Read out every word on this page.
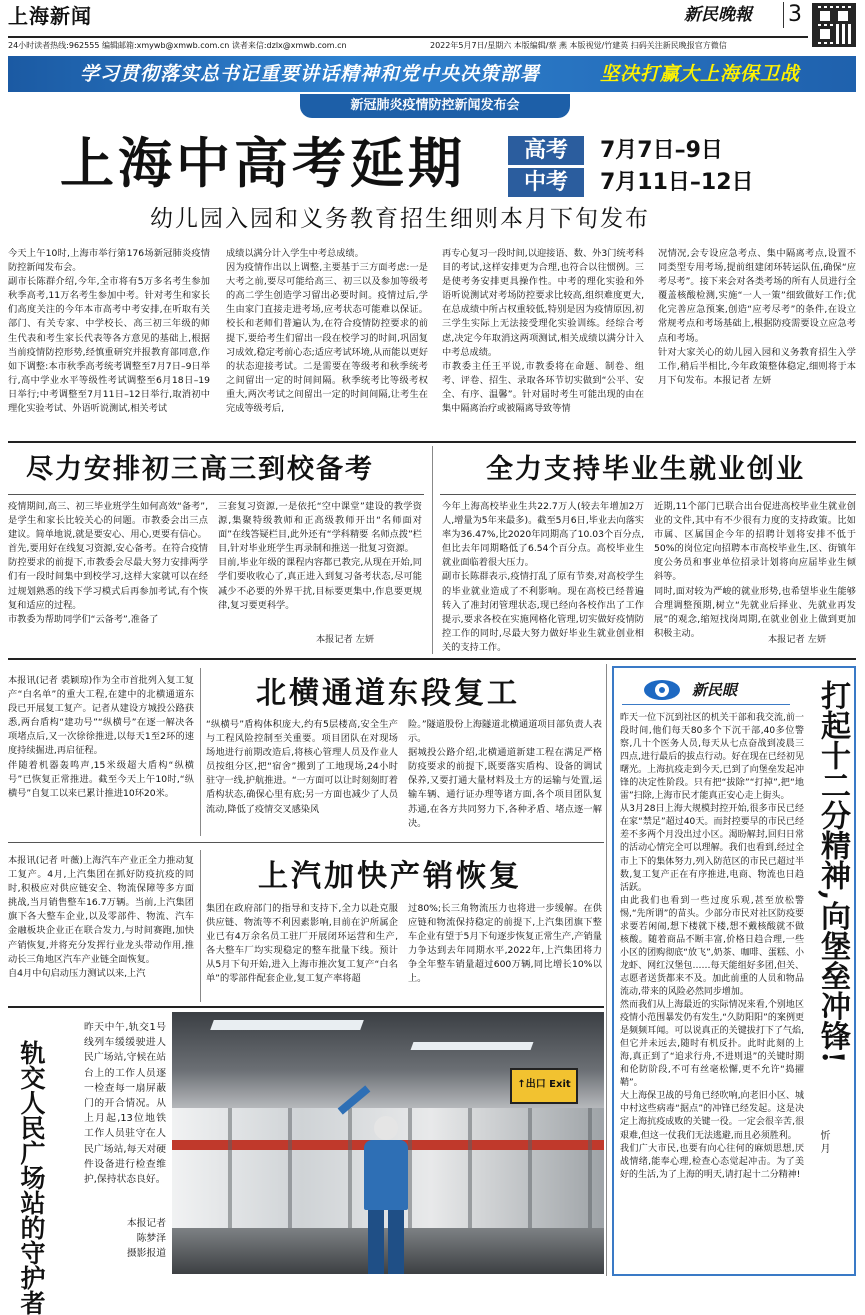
上海新闻	新民晚報 3
24小时读者热线:962555 编辑邮箱:xmywb@xmwb.com.cn 读者来信:dzlx@xmwb.com.cn	2022年5月7日/星期六 本版编辑/蔡 燕 本版视觉/竹建英 扫码关注新民晚报官方微信
学习贯彻落实总书记重要讲话精神和党中央决策部署	坚决打赢大上海保卫战
新冠肺炎疫情防控新闻发布会
上海中高考延期	高考	7月7日–9日
中考	7月11日–12日
幼儿园入园和义务教育招生细则本月下旬发布
今天上午10时,上海市举行第176场新冠肺炎疫情防控新闻发布会。
副市长陈群介绍,今年,全市将有5万多名考生参加秋季高考,11万名考生参加中考。针对考生和家长们高度关注的今年本市高考中考安排,在听取有关部门、有关专家、中学校长、高三初三年级的师生代表和考生家长代表等各方意见的基础上,根据当前疫情防控形势,经慎重研究并报教育部同意,作如下调整:本市秋季高考统考调整至7月7日–9日举行,高中学业水平等级性考试调整至6月18日–19日举行;中考调整至7月11日–12日举行,取消初中理化实验考试、外语听说测试,相关考试
成绩以满分计入学生中考总成绩。
因为疫情作出以上调整,主要基于三方面考虑:一是大考之前,要尽可能给高三、初三以及参加等级考的高二学生创造学习留出必要时间。疫情过后,学生由家门直接走进考场,应考状态可能难以保证。校长和老师们普遍认为,在符合疫情防控要求的前提下,要给考生们留出一段在校学习的时间,巩固复习成效,稳定考前心态;适应考试环境,从而能以更好的状态迎接考试。二是需要在等级考和秋季统考之间留出一定的时间间隔。秋季统考比等级考权重大,两次考试之间留出一定的时间间隔,让考生在完成等级考后,
再专心复习一段时间,以迎接语、数、外3门统考科目的考试,这样安排更为合理,也符合以往惯例。三是使考务安排更具操作性。中考的理化实验和外语听说测试对考场防控要求比较高,组织难度更大,在总成绩中所占权重较低,特别是因为疫情原因,初三学生实际上无法接受理化实验训练。经综合考虑,决定今年取消这两项测试,相关成绩以满分计入中考总成绩。
市教委主任王平说,市教委将在命题、制卷、组考、评卷、招生、录取各环节切实做到“公平、安全、有序、温馨”。针对届时考生可能出现的由在集中隔离治疗或被隔离导致等情
况情况,会专设应急考点、集中隔离考点,设置不同类型专用考场,提前组建闭环转运队伍,确保“应考尽考”。接下来会对各类考场的所有人员进行全覆盖核酸检测,实施“一人一策”细致做好工作;优化完善应急预案,创造“应考尽考”的条件,在设立常规考点和考场基础上,根据防疫需要设立应急考点和考场。
针对大家关心的幼儿园入园和义务教育招生入学工作,稍后半相比,今年政策整体稳定,细则将于本月下旬发布。本报记者 左妍
尽力安排初三高三到校备考
疫情期间,高三、初三毕业班学生如何高效“备考”,是学生和家长比较关心的问题。市教委会出三点建议。简单地说,就是要安心、用心,更要有信心。
首先,要用好在线复习资源,安心备考。在符合疫情防控要求的前提下,市教委会尽最大努力安排两学们有一段时间集中到校学习,这样大家就可以在经过规划熟悉的线下学习模式后再参加考试,有个恢复和适应的过程。
市教委为帮助同学们“云备考”,准备了
三套复习资源,一是依托“空中课堂”建设的教学资源,集聚特级教师和正高级教师开出“名师面对面”在线答疑栏目,此外还有“学科精要 名师点拨”栏目,针对毕业班学生再录制和推送一批复习资源。
目前,毕业年级的课程内容都已教完,从现在开始,同学们要收收心了,真正进入到复习备考状态,尽可能减少不必要的外界干扰,目标要更集中,作息要更规律,复习要更科学。
本报记者 左妍
全力支持毕业生就业创业
今年上海高校毕业生共22.7万人(较去年增加2万人,增量为5年来最多)。截至5月6日,毕业去向落实率为36.47%,比2020年同期高了10.03个百分点,但比去年同期略低了6.54个百分点。高校毕业生就业面临着很大压力。
副市长陈群表示,疫情打乱了原有节奏,对高校学生的毕业就业造成了不利影响。现在高校已经普遍转入了准封闭管理状态,现已经向各校作出了工作提示,要求各校在实施网格化管理,切实做好疫情防控工作的同时,尽最大努力做好毕业生就业创业相关的支持工作。
近期,11个部门已联合出台促进高校毕业生就业创业的文件,其中有不少很有力度的支持政策。比如市属、区属国企今年的招聘计划将安排不低于50%的岗位定向招聘本市高校毕业生,区、街镇年度公务员和事业单位招录计划将向应届毕业生倾斜等。
同时,面对较为严峻的就业形势,也希望毕业生能够合理调整预期,树立“先就业后择业、先就业再发展”的观念,缩短找岗周期,在就业创业上做到更加积极主动。
本报记者 左妍
本报讯(记者 裘颖琼)作为全市首批列入复工复产“白名单”的重大工程,在建中的北横通道东段已开展复工复产。记者从建设方城投公路获悉,两台盾构“建功号”“纵横号”在逐一解决各项堵点后,又一次徐徐推进,以每天1至2环的速度持续掘进,再启征程。
伴随着机器轰鸣声,15米级超大盾构“纵横号”已恢复正常推进。截至今天上午10时,“纵横号”自复工以来已累计推进10环20米。
北横通道东段复工
“纵横号”盾构体积庞大,约有5层楼高,安全生产与工程风险控制至关重要。项目团队在对现场场地进行前期改造后,将核心管理人员及作业人员按组分区,把“宿舍”搬到了工地现场,24小时驻守一线,护航推进。“一方面可以让时刻刻盯着盾构状态,确保心里有底;另一方面也减少了人员流动,降低了疫情交叉感染风
险。”隧道股份上海隧道北横通道项目部负责人表示。
据城投公路介绍,北横通道新建工程在满足严格防疫要求的前提下,既要落实盾构、设备的调试保养,又要打通大量材料及土方的运输与处置,运输车辆、通行证办理等诸方面,各个项目团队复苏通,在各方共同努力下,各种矛盾、堵点逐一解决。
本报讯(记者 叶薇)上海汽车产业正全力推动复工复产。4月,上汽集团在抓好防疫抗疫的同时,积极应对供应链安全、物流保障等多方面挑战,当月销售整车16.7万辆。当前,上汽集团旗下各大整车企业,以及零部件、物流、汽车金融板块企业正在联合发力,与时间赛跑,加快产销恢复,并将充分发挥行业龙头带动作用,推动长三角地区汽车产业链全面恢复。
自4月中旬启动压力测试以来,上汽
上汽加快产销恢复
集团在政府部门的指导和支持下,全力以赴克服供应链、物流等不利因素影响,目前在沪所属企业已有4万余名员工驻厂开展闭环运营和生产,各大整车厂均实现稳定的整车批量下线。预计从5月下旬开始,进入上海市推次复工复产“白名单”的零部件配套企业,复工复产率将超
过80%;长三角物流压力也将进一步缓解。在供应链和物流保持稳定的前提下,上汽集团旗下整车企业有望于5月下旬逐步恢复正常生产,产销量力争达到去年同期水平,2022年,上汽集团将力争全年整车销量超过600万辆,同比增长10%以上。
轨交人民广场站的守护者
昨天中午,轨交1号线列车缓缓驶进人民广场站,守候在站台上的工作人员逐一检查每一扇屏蔽门的开合情况。从上月起,13位地铁工作人员驻守在人民广场站,每天对硬件设备进行检查维护,保持状态良好。
本报记者
陈梦泽
摄影报道
↑出口 Exit
新民眼
昨天一位下沉到社区的机关干部和我交流,前一段时间,他们每天80多个下沉干部,40多位警察,几十个医务人员,每天从七点奋战到凌晨三四点,进行最后的拔点行动。好在现在已经初见曙光。上海抗疫走到今天,已到了向堡垒发起冲锋的决定性阶段。只有把“拔除”“打掉”,把“地雷”扫除,上海市民才能真正安心走上街头。
从3月28日上海大规模封控开始,很多市民已经在家“禁足”超过40天。而封控要早的市民已经差不多两个月没出过小区。渴盼解封,回归日常的活动心情完全可以理解。我们也看到,经过全市上下的集体努力,列入防范区的市民已超过半数,复工复产正在有序推进,电商、物流也日趋活跃。
由此我们也看到一些过度乐观,甚至放松警惕,“先所谓”的苗头。少部分市民对社区防疫要求要若闲闹,想下楼就下楼,想不戴核酸就不做核酸。随着商品不断丰富,价格日趋合理,一些小区的团购彻底“放飞”,奶茶、咖啡、蛋糕、小龙虾、网红汉堡包……每天能组好多团,但关、志愿者送货都来不及。加此前重的人员和物品流动,带来的风险必然同步增加。
然而我们从上海最近的实际情况来看,个别地区疫情小范围暴发仍有发生,“久防阳阳”的案例更是频频耳闻。可以说真正的关键拔打下了气焰,但它并未远去,随时有机反扑。此时此刻的上海,真正到了“追求行舟,不进则退”的关键时期和伦防阶段,不可有丝毫松懈,更不允许“捣擢鞘”。
大上海保卫战的号角已经吹响,向老旧小区、城中村这些病毒“据点”的冲锋已经发起。这是决定上海抗疫成败的关键一役。一定会很辛苦,很艰难,但这一仗我们无法逃避,而且必须胜利。
我们广大市民,也要有向心往何的麻烦思想,厌战情绪,能奉心理,检查心态觉起冲击。为了美好的生活,为了上海的明天,请打起十二分精神!
打起十二分精神,向堡垒冲锋!
忻 月
